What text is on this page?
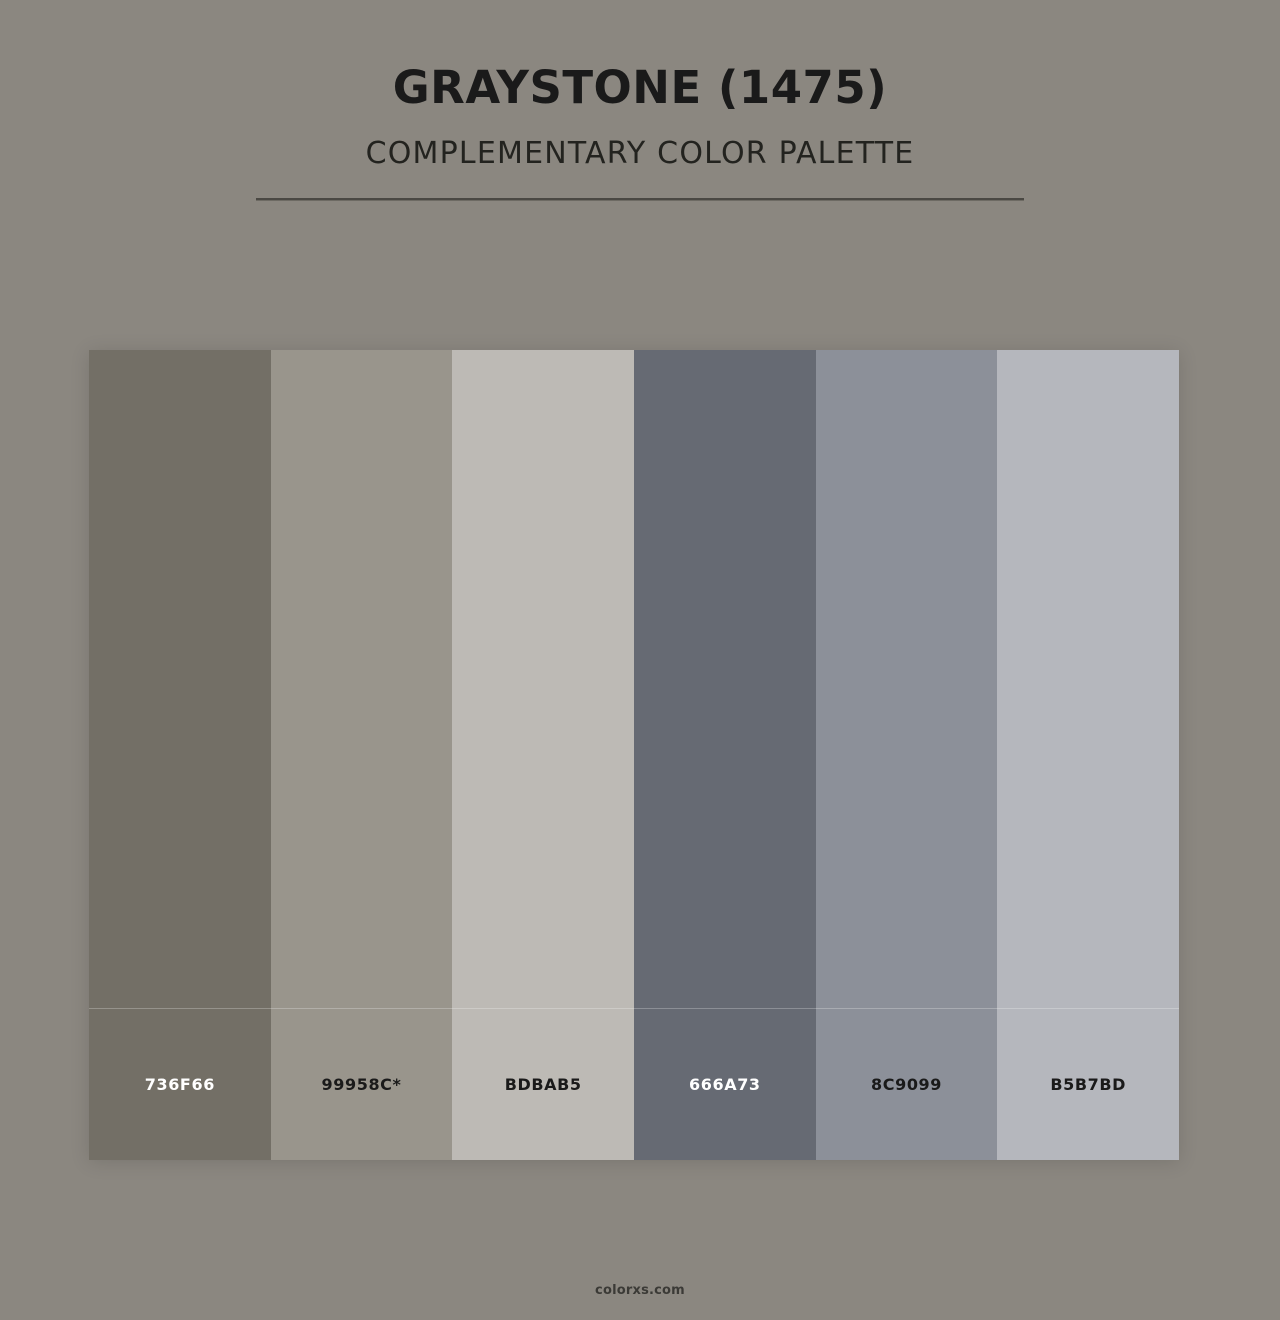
GRAYSTONE (1475)
COMPLEMENTARY COLOR PALETTE
736F66	99958C*	BDBAB5	666A73	8C9099	B5B7BD
colorxs.com
